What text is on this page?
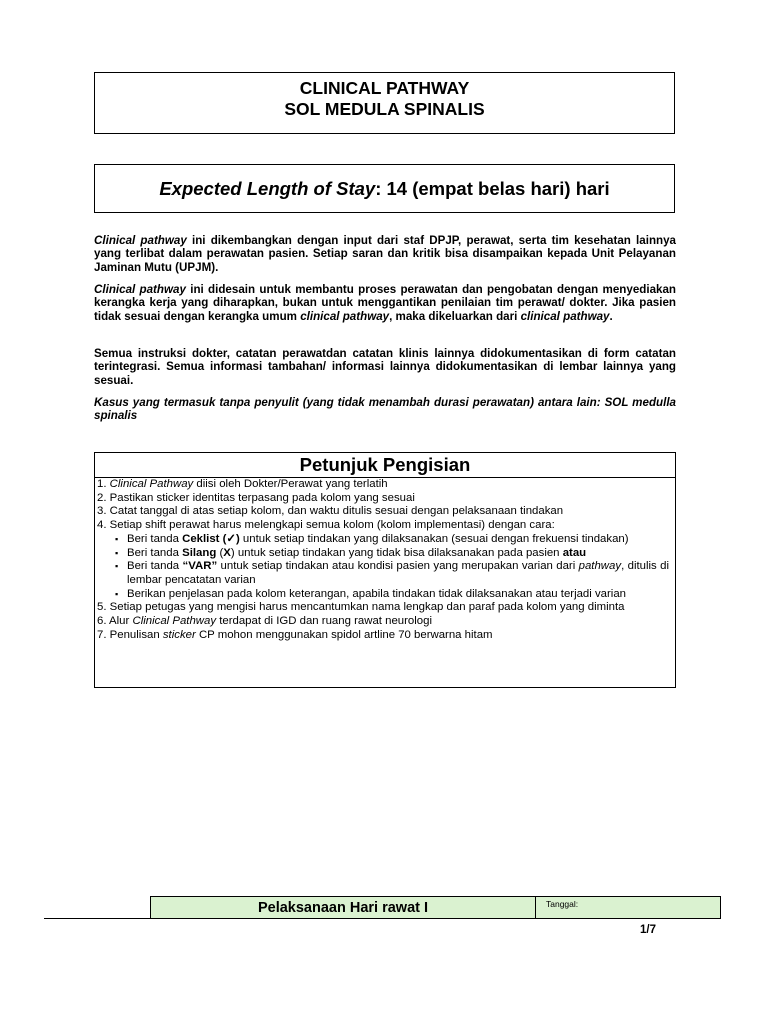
CLINICAL PATHWAY
SOL MEDULA SPINALIS
Expected Length of Stay: 14 (empat belas hari) hari
Clinical pathway ini dikembangkan dengan input dari staf DPJP, perawat, serta tim kesehatan lainnya yang terlibat dalam perawatan pasien. Setiap saran dan kritik bisa disampaikan kepada Unit Pelayanan Jaminan Mutu (UPJM).
Clinical pathway ini didesain untuk membantu proses perawatan dan pengobatan dengan menyediakan kerangka kerja yang diharapkan, bukan untuk menggantikan penilaian tim perawat/ dokter. Jika pasien tidak sesuai dengan kerangka umum clinical pathway, maka dikeluarkan dari clinical pathway.
Semua instruksi dokter, catatan perawatdan catatan klinis lainnya didokumentasikan di form catatan terintegrasi. Semua informasi tambahan/ informasi lainnya didokumentasikan di lembar lainnya yang sesuai.
Kasus yang termasuk tanpa penyulit (yang tidak menambah durasi perawatan) antara lain: SOL medulla spinalis
Petunjuk Pengisian
1. Clinical Pathway diisi oleh Dokter/Perawat yang terlatih
2. Pastikan sticker identitas terpasang pada kolom yang sesuai
3. Catat tanggal di atas setiap kolom, dan waktu ditulis sesuai dengan pelaksanaan tindakan
4. Setiap shift perawat harus melengkapi semua kolom (kolom implementasi) dengan cara:
▪ Beri tanda Ceklist (✓) untuk setiap tindakan yang dilaksanakan (sesuai dengan frekuensi tindakan)
▪ Beri tanda Silang (X) untuk setiap tindakan yang tidak bisa dilaksanakan pada pasien atau
▪ Beri tanda “VAR” untuk setiap tindakan atau kondisi pasien yang merupakan varian dari pathway, ditulis di lembar pencatatan varian
▪ Berikan penjelasan pada kolom keterangan, apabila tindakan tidak dilaksanakan atau terjadi varian
5. Setiap petugas yang mengisi harus mencantumkan nama lengkap dan paraf pada kolom yang diminta
6. Alur Clinical Pathway terdapat di IGD dan ruang rawat neurologi
7. Penulisan sticker CP mohon menggunakan spidol artline 70 berwarna hitam
Pelaksanaan Hari rawat I	Tanggal:
1/7
